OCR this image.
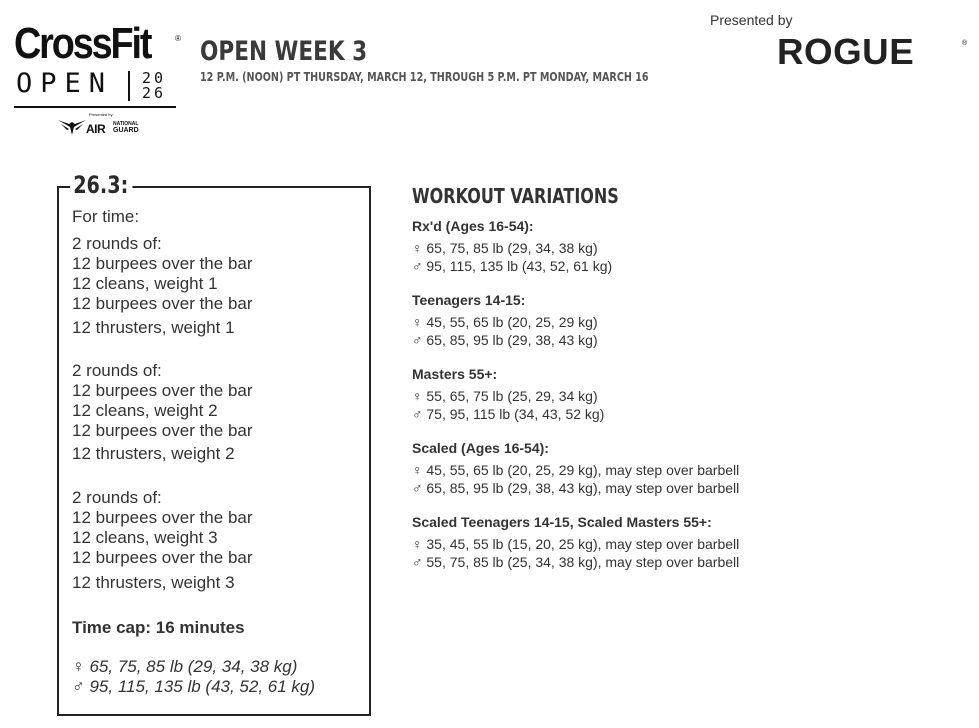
CrossFit	®
OPEN 20
26
Presented by
AIR NATIONAL
GUARD
OPEN WEEK 3
12 P.M. (NOON) PT THURSDAY, MARCH 12, THROUGH 5 P.M. PT MONDAY, MARCH 16
Presented by
ROGUE	®
26.3:
For time:
2 rounds of:
12 burpees over the bar
12 cleans, weight 1
12 burpees over the bar
12 thrusters, weight 1
2 rounds of:
12 burpees over the bar
12 cleans, weight 2
12 burpees over the bar
12 thrusters, weight 2
2 rounds of:
12 burpees over the bar
12 cleans, weight 3
12 burpees over the bar
12 thrusters, weight 3
Time cap: 16 minutes
♀ 65, 75, 85 lb (29, 34, 38 kg)
♂ 95, 115, 135 lb (43, 52, 61 kg)
WORKOUT VARIATIONS
Rx'd (Ages 16-54):
♀ 65, 75, 85 lb (29, 34, 38 kg)
♂ 95, 115, 135 lb (43, 52, 61 kg)
Teenagers 14-15:
♀ 45, 55, 65 lb (20, 25, 29 kg)
♂ 65, 85, 95 lb (29, 38, 43 kg)
Masters 55+:
♀ 55, 65, 75 lb (25, 29, 34 kg)
♂ 75, 95, 115 lb (34, 43, 52 kg)
Scaled (Ages 16-54):
♀ 45, 55, 65 lb (20, 25, 29 kg), may step over barbell
♂ 65, 85, 95 lb (29, 38, 43 kg), may step over barbell
Scaled Teenagers 14-15, Scaled Masters 55+:
♀ 35, 45, 55 lb (15, 20, 25 kg), may step over barbell
♂ 55, 75, 85 lb (25, 34, 38 kg), may step over barbell
